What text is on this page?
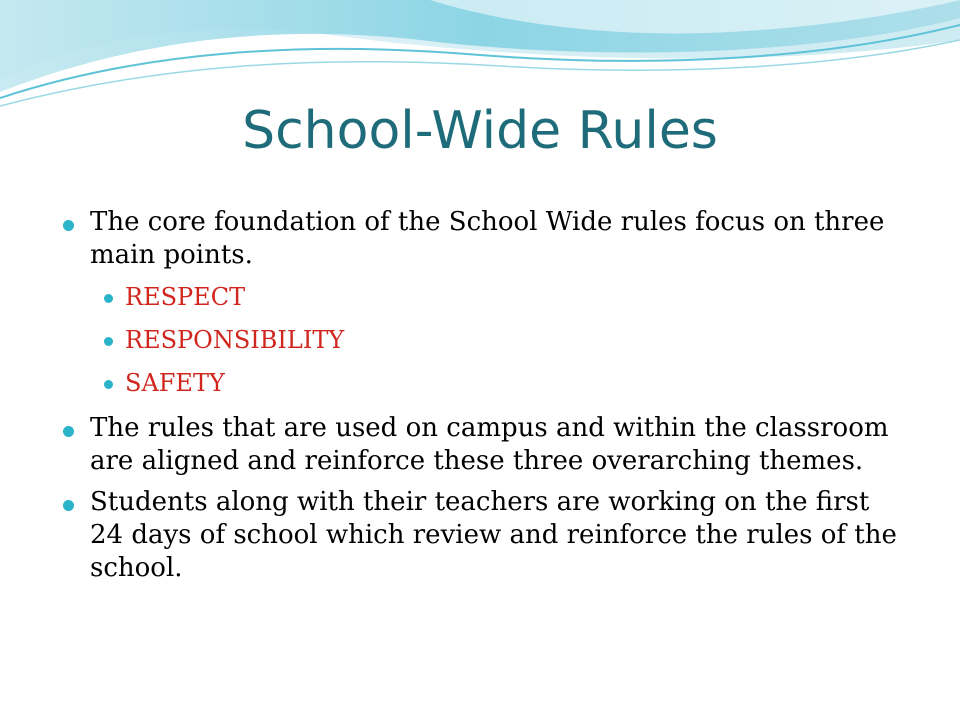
School-Wide Rules
The core foundation of the School Wide rules focus on three main points.
RESPECT
RESPONSIBILITY
SAFETY
The rules that are used on campus and within the classroom are aligned and reinforce these three overarching themes.
Students along with their teachers are working on the first 24 days of school which review and reinforce the rules of the school.
